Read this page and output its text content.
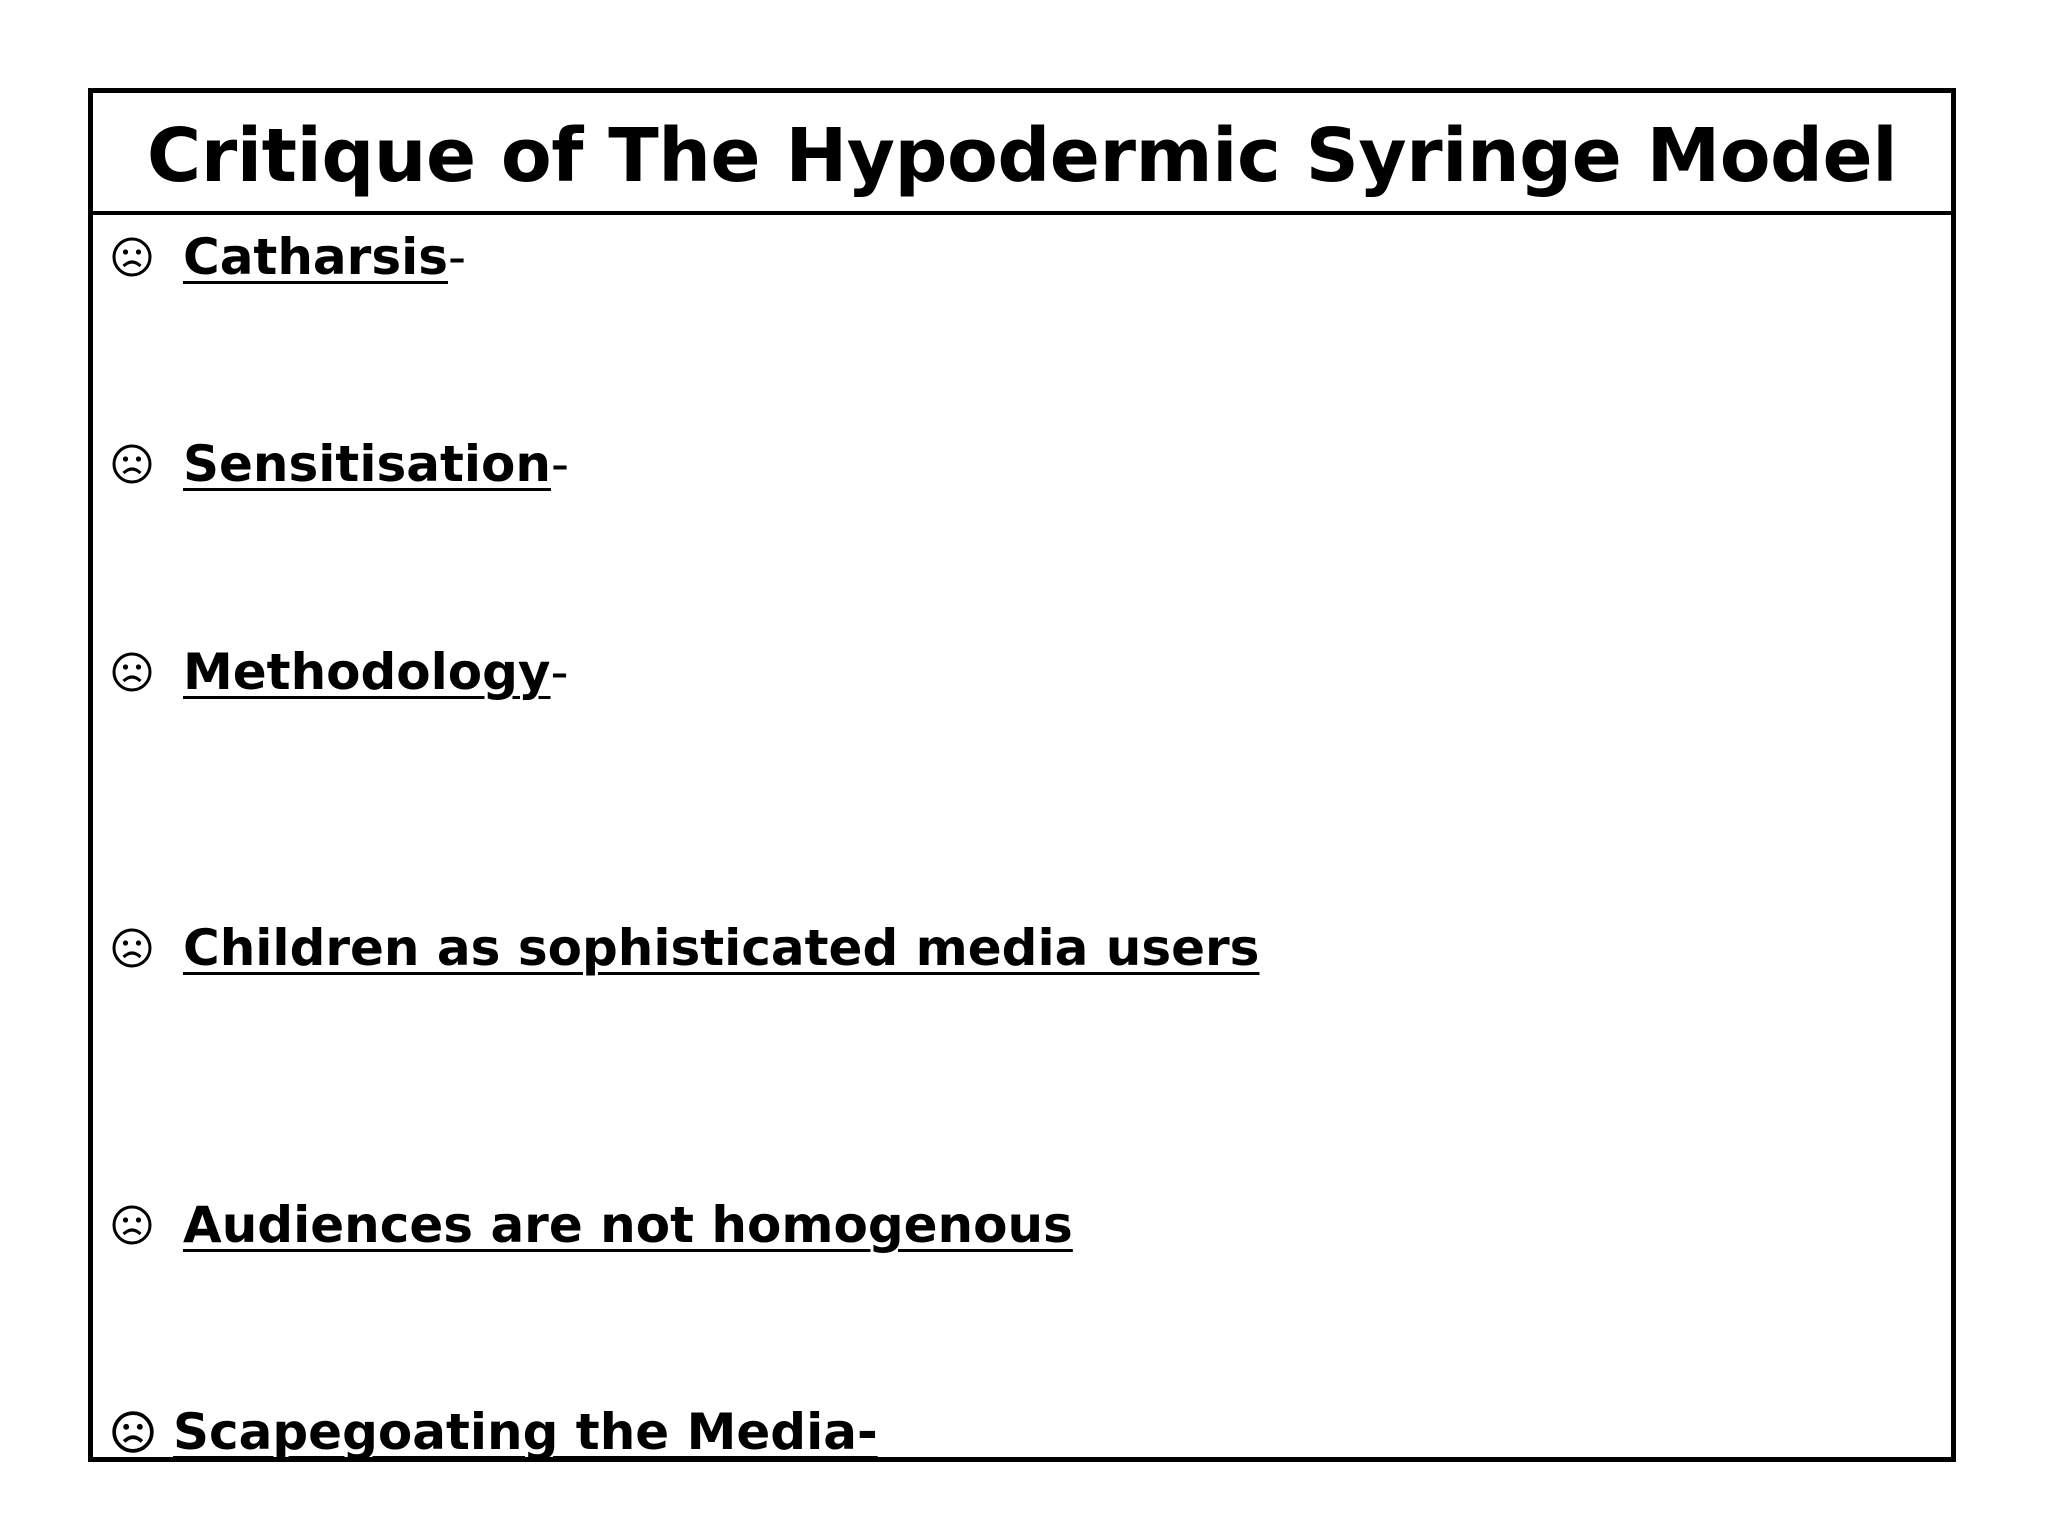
Critique of The Hypodermic Syringe Model
Catharsis -
Sensitisation -
Methodology -
Children as sophisticated media users
Audiences are not homogenous
Scapegoating the Media-
